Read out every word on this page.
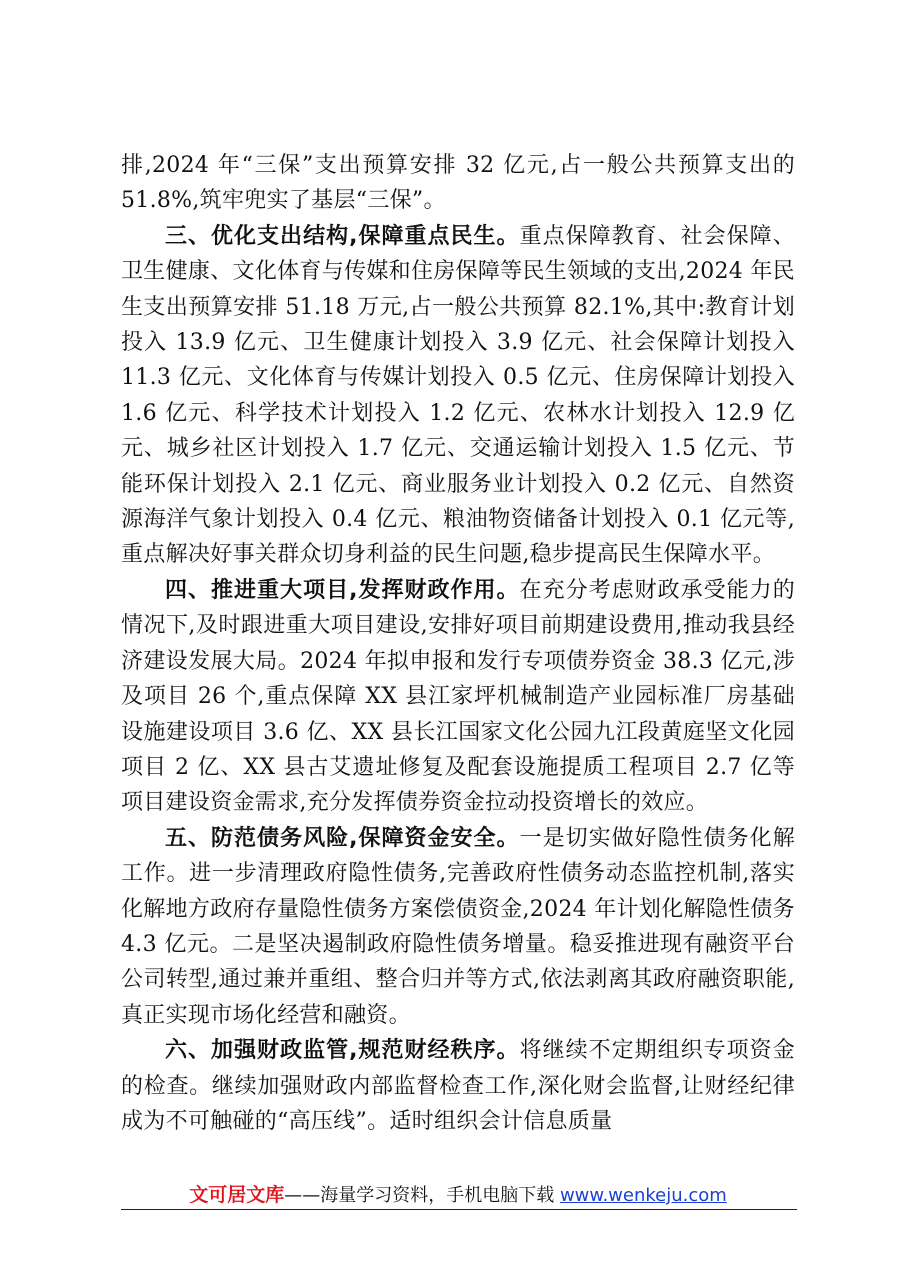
排,2024 年“三保”支出预算安排 32 亿元,占一般公共预算支出的 51.8%,筑牢兜实了基层“三保”。

三、优化支出结构,保障重点民生。重点保障教育、社会保障、卫生健康、文化体育与传媒和住房保障等民生领域的支出,2024 年民生支出预算安排 51.18 万元,占一般公共预算 82.1%,其中:教育计划投入 13.9 亿元、卫生健康计划投入 3.9 亿元、社会保障计划投入 11.3 亿元、文化体育与传媒计划投入 0.5 亿元、住房保障计划投入 1.6 亿元、科学技术计划投入 1.2 亿元、农林水计划投入 12.9 亿元、城乡社区计划投入 1.7 亿元、交通运输计划投入 1.5 亿元、节能环保计划投入 2.1 亿元、商业服务业计划投入 0.2 亿元、自然资源海洋气象计划投入 0.4 亿元、粮油物资储备计划投入 0.1 亿元等,重点解决好事关群众切身利益的民生问题,稳步提高民生保障水平。

四、推进重大项目,发挥财政作用。在充分考虑财政承受能力的情况下,及时跟进重大项目建设,安排好项目前期建设费用,推动我县经济建设发展大局。2024 年拟申报和发行专项债券资金 38.3 亿元,涉及项目 26 个,重点保障 XX 县江家坪机械制造产业园标准厂房基础设施建设项目 3.6 亿、XX 县长江国家文化公园九江段黄庭坚文化园项目 2 亿、XX 县古艾遗址修复及配套设施提质工程项目 2.7 亿等项目建设资金需求,充分发挥债券资金拉动投资增长的效应。

五、防范债务风险,保障资金安全。一是切实做好隐性债务化解工作。进一步清理政府隐性债务,完善政府性债务动态监控机制,落实化解地方政府存量隐性债务方案偿债资金,2024 年计划化解隐性债务 4.3 亿元。二是坚决遏制政府隐性债务增量。稳妥推进现有融资平台公司转型,通过兼并重组、整合归并等方式,依法剥离其政府融资职能,真正实现市场化经营和融资。

六、加强财政监管,规范财经秩序。将继续不定期组织专项资金的检查。继续加强财政内部监督检查工作,深化财会监督,让财经纪律成为不可触碰的“高压线”。适时组织会计信息质量

文可居文库——海量学习资料，手机电脑下载 www.wenkeju.com
